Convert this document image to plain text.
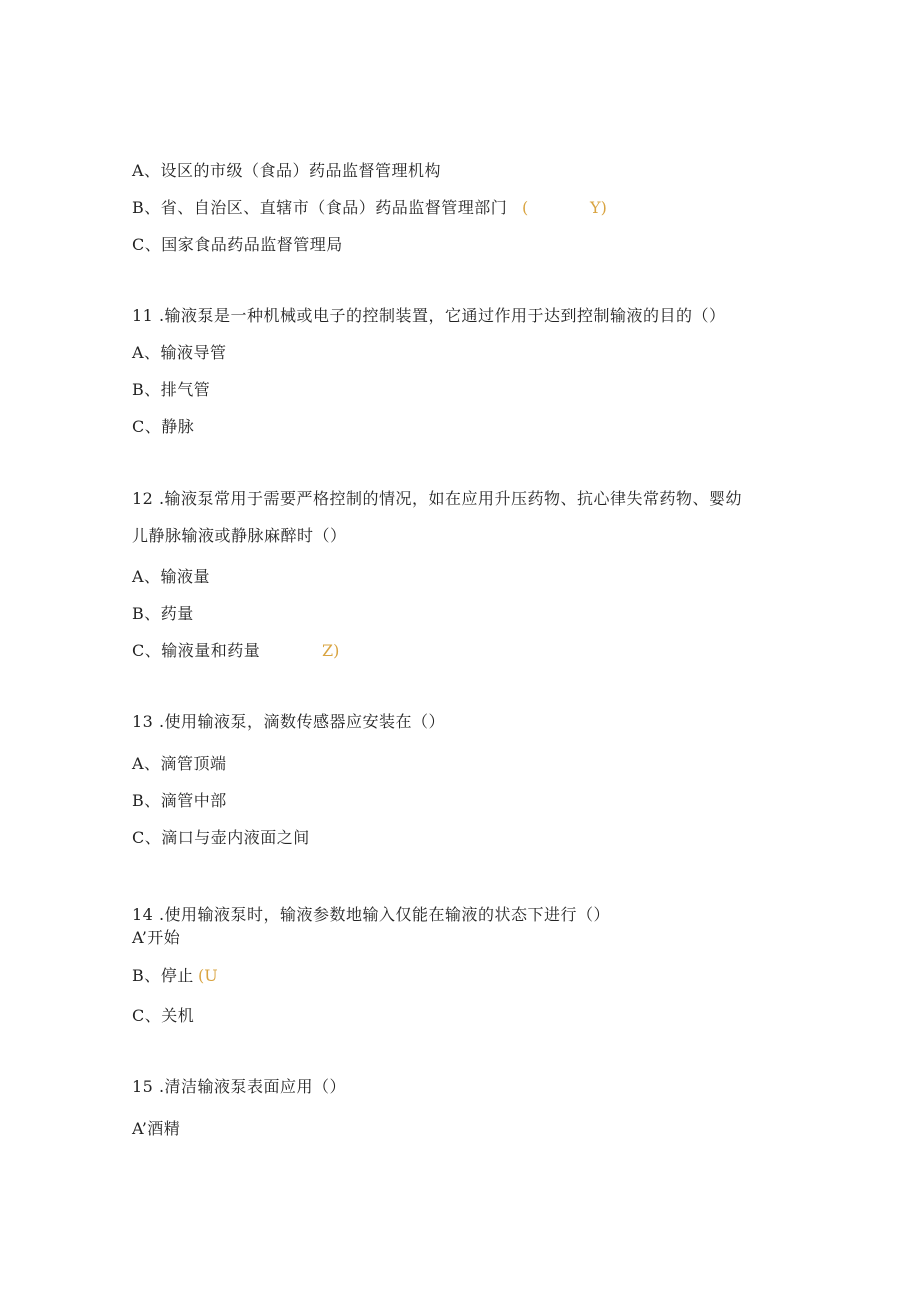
A、设区的市级（食品）药品监督管理机构
B、省、自治区、直辖市（食品）药品监督管理部门 (	Y)
C、国家食品药品监督管理局
11 .输液泵是一种机械或电子的控制装置，它通过作用于达到控制输液的目的（）
A、输液导管
B、排气管
C、静脉
12 .输液泵常用于需要严格控制的情况，如在应用升压药物、抗心律失常药物、婴幼
儿静脉输液或静脉麻醉时（）
A、输液量
B、药量
C、输液量和药量	Z)
13 .使用输液泵，滴数传感器应安装在（）
A、滴管顶端
B、滴管中部
C、滴口与壶内液面之间
14 .使用输液泵时，输液参数地输入仅能在输液的状态下进行（）
A’开始
B、停止 (U
C、关机
15 .清洁输液泵表面应用（）
A’酒精
